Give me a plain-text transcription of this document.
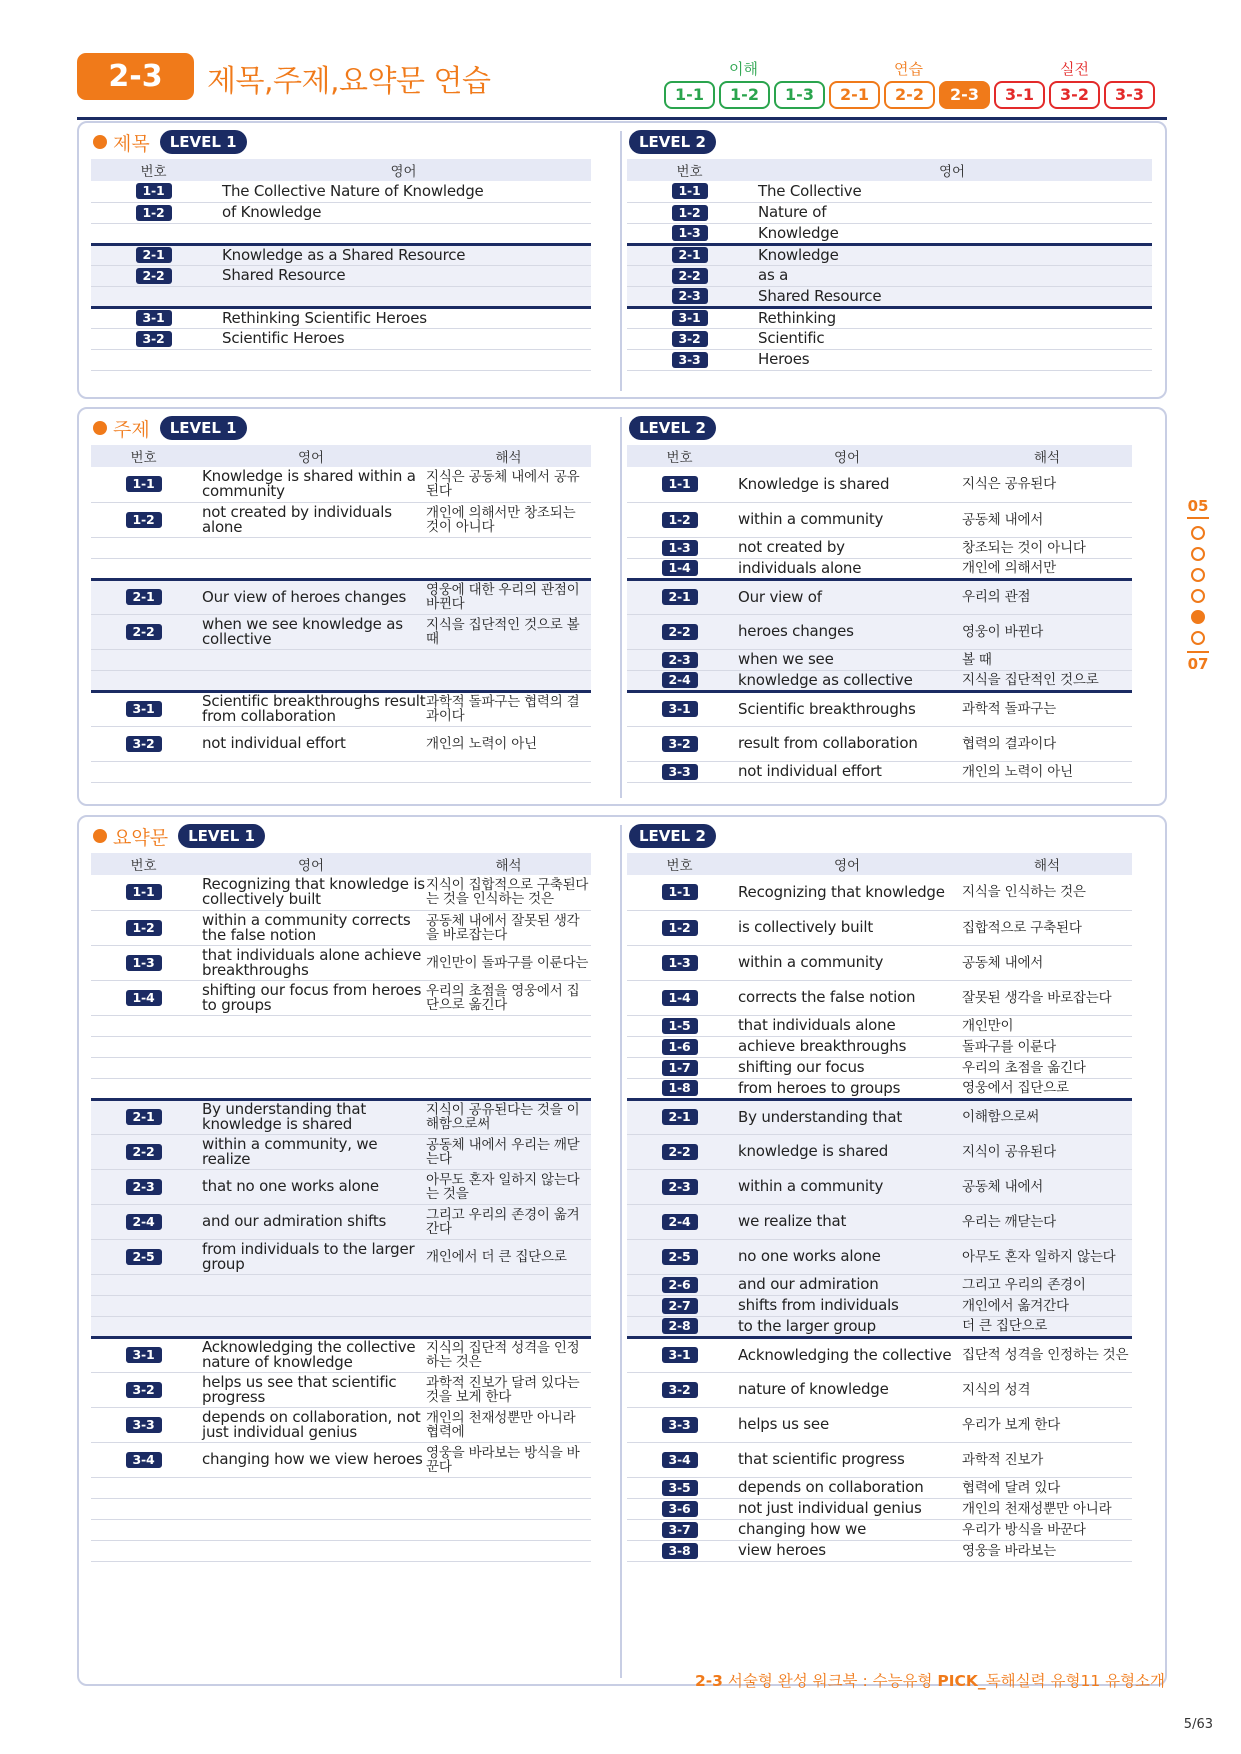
2-3	제목,주제,요약문 연습	이해	연습	실전
1-1	1-2	1-3	2-1	2-2	2-3	3-1	3-2	3-3
제목	LEVEL 1	LEVEL 2
번호	영어
1-1	The Collective Nature of Knowledge
1-2	of Knowledge

2-1	Knowledge as a Shared Resource
2-2	Shared Resource

3-1	Rethinking Scientific Heroes
3-2	Scientific Heroes

번호	영어
1-1	The Collective
1-2	Nature of
1-3	Knowledge
2-1	Knowledge
2-2	as a
2-3	Shared Resource
3-1	Rethinking
3-2	Scientific
3-3	Heroes
주제	LEVEL 1	LEVEL 2
번호	영어	해석
1-1	Knowledge is shared within a community	지식은 공동체 내에서 공유된다
1-2	not created by individuals alone	개인에 의해서만 창조되는 것이 아니다

2-1	Our view of heroes changes	영웅에 대한 우리의 관점이 바뀐다
2-2	when we see knowledge as collective	지식을 집단적인 것으로 볼 때

3-1	Scientific breakthroughs result from collaboration	과학적 돌파구는 협력의 결과이다
3-2	not individual effort	개인의 노력이 아닌

번호	영어	해석
1-1	Knowledge is shared	지식은 공유된다
1-2	within a community	공동체 내에서
1-3	not created by	창조되는 것이 아니다
1-4	individuals alone	개인에 의해서만
2-1	Our view of	우리의 관점
2-2	heroes changes	영웅이 바뀐다
2-3	when we see	볼 때
2-4	knowledge as collective	지식을 집단적인 것으로
3-1	Scientific breakthroughs	과학적 돌파구는
3-2	result from collaboration	협력의 결과이다
3-3	not individual effort	개인의 노력이 아닌
요약문	LEVEL 1	LEVEL 2
번호	영어	해석
1-1	Recognizing that knowledge is collectively built	지식이 집합적으로 구축된다는 것을 인식하는 것은
1-2	within a community corrects the false notion	공동체 내에서 잘못된 생각을 바로잡는다
1-3	that individuals alone achieve breakthroughs	개인만이 돌파구를 이룬다는
1-4	shifting our focus from heroes to groups	우리의 초점을 영웅에서 집단으로 옮긴다

2-1	By understanding that knowledge is shared	지식이 공유된다는 것을 이해함으로써
2-2	within a community, we realize	공동체 내에서 우리는 깨닫는다
2-3	that no one works alone	아무도 혼자 일하지 않는다는 것을
2-4	and our admiration shifts	그리고 우리의 존경이 옮겨간다
2-5	from individuals to the larger group	개인에서 더 큰 집단으로

3-1	Acknowledging the collective nature of knowledge	지식의 집단적 성격을 인정하는 것은
3-2	helps us see that scientific progress	과학적 진보가 달려 있다는 것을 보게 한다
3-3	depends on collaboration, not just individual genius	개인의 천재성뿐만 아니라 협력에
3-4	changing how we view heroes	영웅을 바라보는 방식을 바꾼다

번호	영어	해석
1-1	Recognizing that knowledge	지식을 인식하는 것은
1-2	is collectively built	집합적으로 구축된다
1-3	within a community	공동체 내에서
1-4	corrects the false notion	잘못된 생각을 바로잡는다
1-5	that individuals alone	개인만이
1-6	achieve breakthroughs	돌파구를 이룬다
1-7	shifting our focus	우리의 초점을 옮긴다
1-8	from heroes to groups	영웅에서 집단으로
2-1	By understanding that	이해함으로써
2-2	knowledge is shared	지식이 공유된다
2-3	within a community	공동체 내에서
2-4	we realize that	우리는 깨닫는다
2-5	no one works alone	아무도 혼자 일하지 않는다
2-6	and our admiration	그리고 우리의 존경이
2-7	shifts from individuals	개인에서 옮겨간다
2-8	to the larger group	더 큰 집단으로
3-1	Acknowledging the collective	집단적 성격을 인정하는 것은
3-2	nature of knowledge	지식의 성격
3-3	helps us see	우리가 보게 한다
3-4	that scientific progress	과학적 진보가
3-5	depends on collaboration	협력에 달려 있다
3-6	not just individual genius	개인의 천재성뿐만 아니라
3-7	changing how we	우리가 방식을 바꾼다
3-8	view heroes	영웅을 바라보는
05
07
2-3 서술형 완성 워크북 : 수능유형 PICK_독해실력 유형11 유형소개
5/63
